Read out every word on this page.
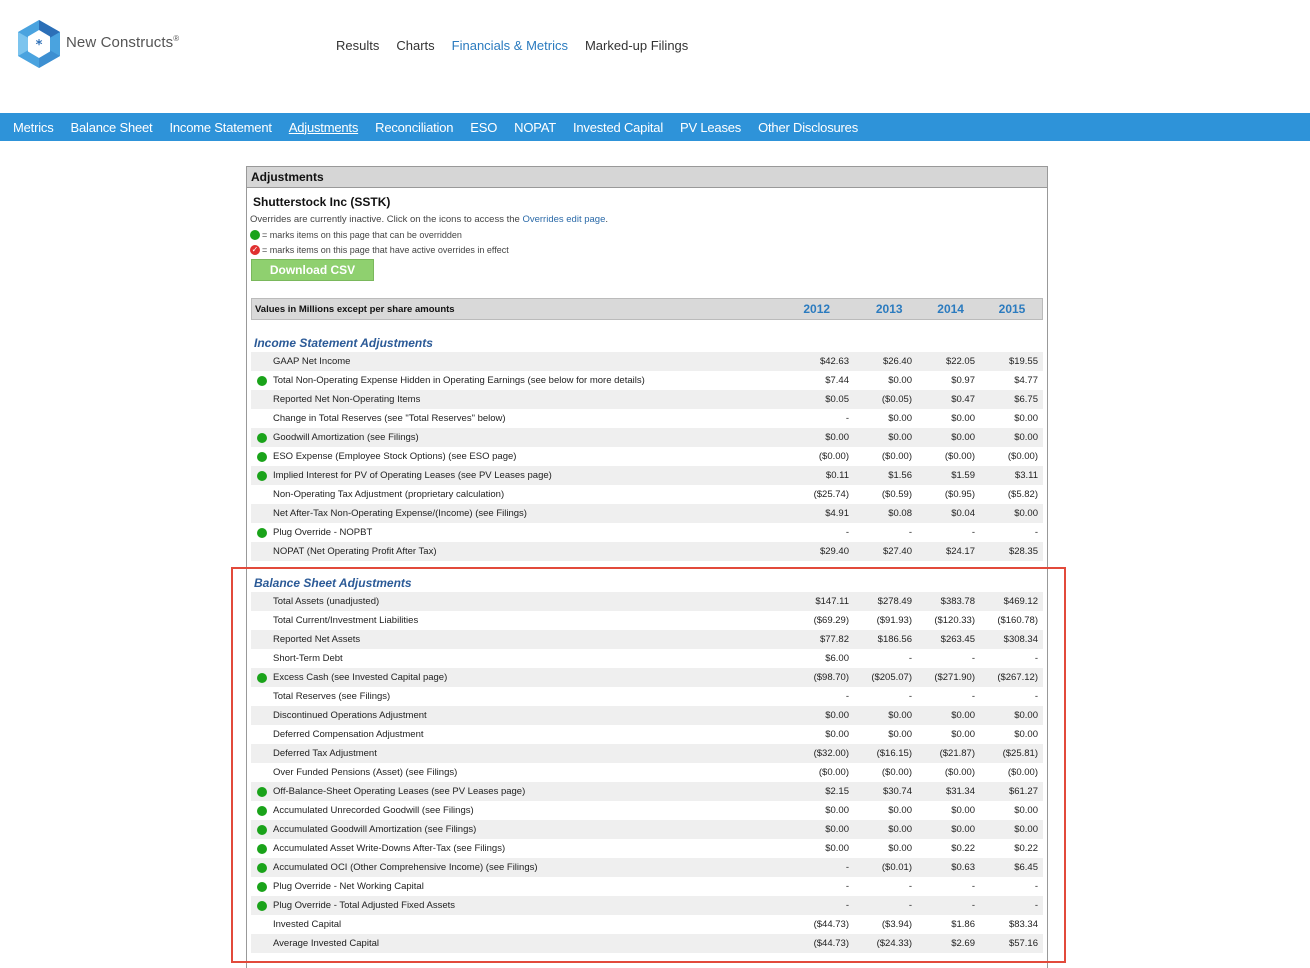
* New Constructs®	Results Charts Financials & Metrics Marked-up Filings
Metrics Balance Sheet Income Statement Adjustments Reconciliation ESO NOPAT Invested Capital PV Leases Other Disclosures
Adjustments
Shutterstock Inc (SSTK)
Overrides are currently inactive. Click on the icons to access the Overrides edit page.
= marks items on this page that can be overridden
✓ = marks items on this page that have active overrides in effect
Download CSV
Values in Millions except per share amounts	2012	2013	2014	2015
Income Statement Adjustments
GAAP Net Income	$42.63	$26.40	$22.05	$19.55
Total Non-Operating Expense Hidden in Operating Earnings (see below for more details)	$7.44	$0.00	$0.97	$4.77
Reported Net Non-Operating Items	$0.05	($0.05)	$0.47	$6.75
Change in Total Reserves (see "Total Reserves" below)	-	$0.00	$0.00	$0.00
Goodwill Amortization (see Filings)	$0.00	$0.00	$0.00	$0.00
ESO Expense (Employee Stock Options) (see ESO page)	($0.00)	($0.00)	($0.00)	($0.00)
Implied Interest for PV of Operating Leases (see PV Leases page)	$0.11	$1.56	$1.59	$3.11
Non-Operating Tax Adjustment (proprietary calculation)	($25.74)	($0.59)	($0.95)	($5.82)
Net After-Tax Non-Operating Expense/(Income) (see Filings)	$4.91	$0.08	$0.04	$0.00
Plug Override - NOPBT	-	-	-	-
NOPAT (Net Operating Profit After Tax)	$29.40	$27.40	$24.17	$28.35
Balance Sheet Adjustments
Total Assets (unadjusted)	$147.11	$278.49	$383.78	$469.12
Total Current/Investment Liabilities	($69.29)	($91.93)	($120.33)	($160.78)
Reported Net Assets	$77.82	$186.56	$263.45	$308.34
Short-Term Debt	$6.00	-	-	-
Excess Cash (see Invested Capital page)	($98.70)	($205.07)	($271.90)	($267.12)
Total Reserves (see Filings)	-	-	-	-
Discontinued Operations Adjustment	$0.00	$0.00	$0.00	$0.00
Deferred Compensation Adjustment	$0.00	$0.00	$0.00	$0.00
Deferred Tax Adjustment	($32.00)	($16.15)	($21.87)	($25.81)
Over Funded Pensions (Asset) (see Filings)	($0.00)	($0.00)	($0.00)	($0.00)
Off-Balance-Sheet Operating Leases (see PV Leases page)	$2.15	$30.74	$31.34	$61.27
Accumulated Unrecorded Goodwill (see Filings)	$0.00	$0.00	$0.00	$0.00
Accumulated Goodwill Amortization (see Filings)	$0.00	$0.00	$0.00	$0.00
Accumulated Asset Write-Downs After-Tax (see Filings)	$0.00	$0.00	$0.22	$0.22
Accumulated OCI (Other Comprehensive Income) (see Filings)	-	($0.01)	$0.63	$6.45
Plug Override - Net Working Capital	-	-	-	-
Plug Override - Total Adjusted Fixed Assets	-	-	-	-
Invested Capital	($44.73)	($3.94)	$1.86	$83.34
Average Invested Capital	($44.73)	($24.33)	$2.69	$57.16
